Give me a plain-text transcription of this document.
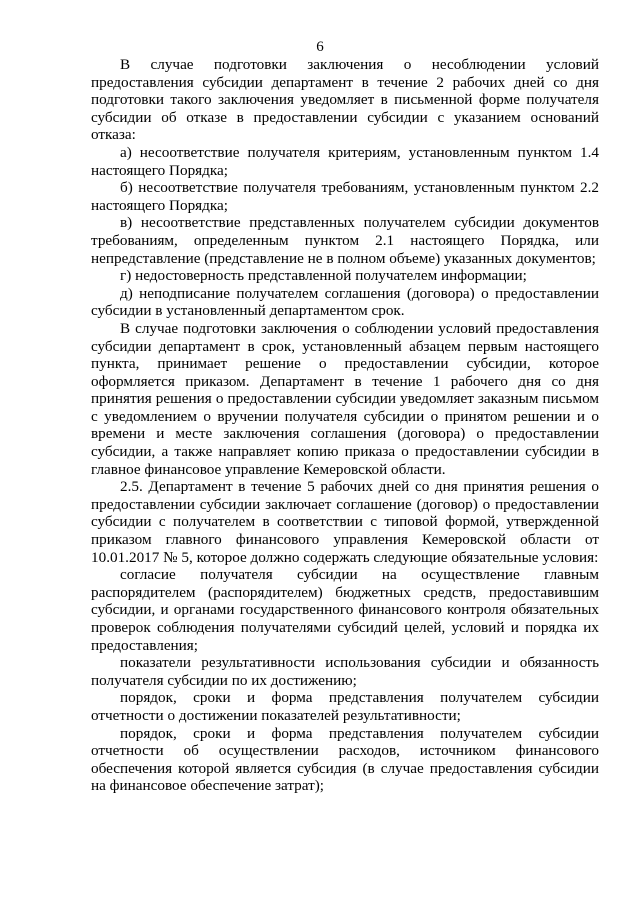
6

В случае подготовки заключения о несоблюдении условий предоставления субсидии департамент в течение 2 рабочих дней со дня подготовки такого заключения уведомляет в письменной форме получателя субсидии об отказе в предоставлении субсидии с указанием оснований отказа:

а) несоответствие получателя критериям, установленным пунктом 1.4 настоящего Порядка;

б) несоответствие получателя требованиям, установленным пунктом 2.2 настоящего Порядка;

в) несоответствие представленных получателем субсидии документов требованиям, определенным пунктом 2.1 настоящего Порядка, или непредставление (представление не в полном объеме) указанных документов;

г) недостоверность представленной получателем информации;

д) неподписание получателем соглашения (договора) о предоставлении субсидии в установленный департаментом срок.

В случае подготовки заключения о соблюдении условий предоставления субсидии департамент в срок, установленный абзацем первым настоящего пункта, принимает решение о предоставлении субсидии, которое оформляется приказом. Департамент в течение 1 рабочего дня со дня принятия решения о предоставлении субсидии уведомляет заказным письмом с уведомлением о вручении получателя субсидии о принятом решении и о времени и месте заключения соглашения (договора) о предоставлении субсидии, а также направляет копию приказа о предоставлении субсидии в главное финансовое управление Кемеровской области.

2.5. Департамент в течение 5 рабочих дней со дня принятия решения о предоставлении субсидии заключает соглашение (договор) о предоставлении субсидии с получателем в соответствии с типовой формой, утвержденной приказом главного финансового управления Кемеровской области от 10.01.2017 № 5, которое должно содержать следующие обязательные условия:

согласие получателя субсидии на осуществление главным распорядителем (распорядителем) бюджетных средств, предоставившим субсидии, и органами государственного финансового контроля обязательных проверок соблюдения получателями субсидий целей, условий и порядка их предоставления;

показатели результативности использования субсидии и обязанность получателя субсидии по их достижению;

порядок, сроки и форма представления получателем субсидии отчетности о достижении показателей результативности;

порядок, сроки и форма представления получателем субсидии отчетности об осуществлении расходов, источником финансового обеспечения которой является субсидия (в случае предоставления субсидии на финансовое обеспечение затрат);
